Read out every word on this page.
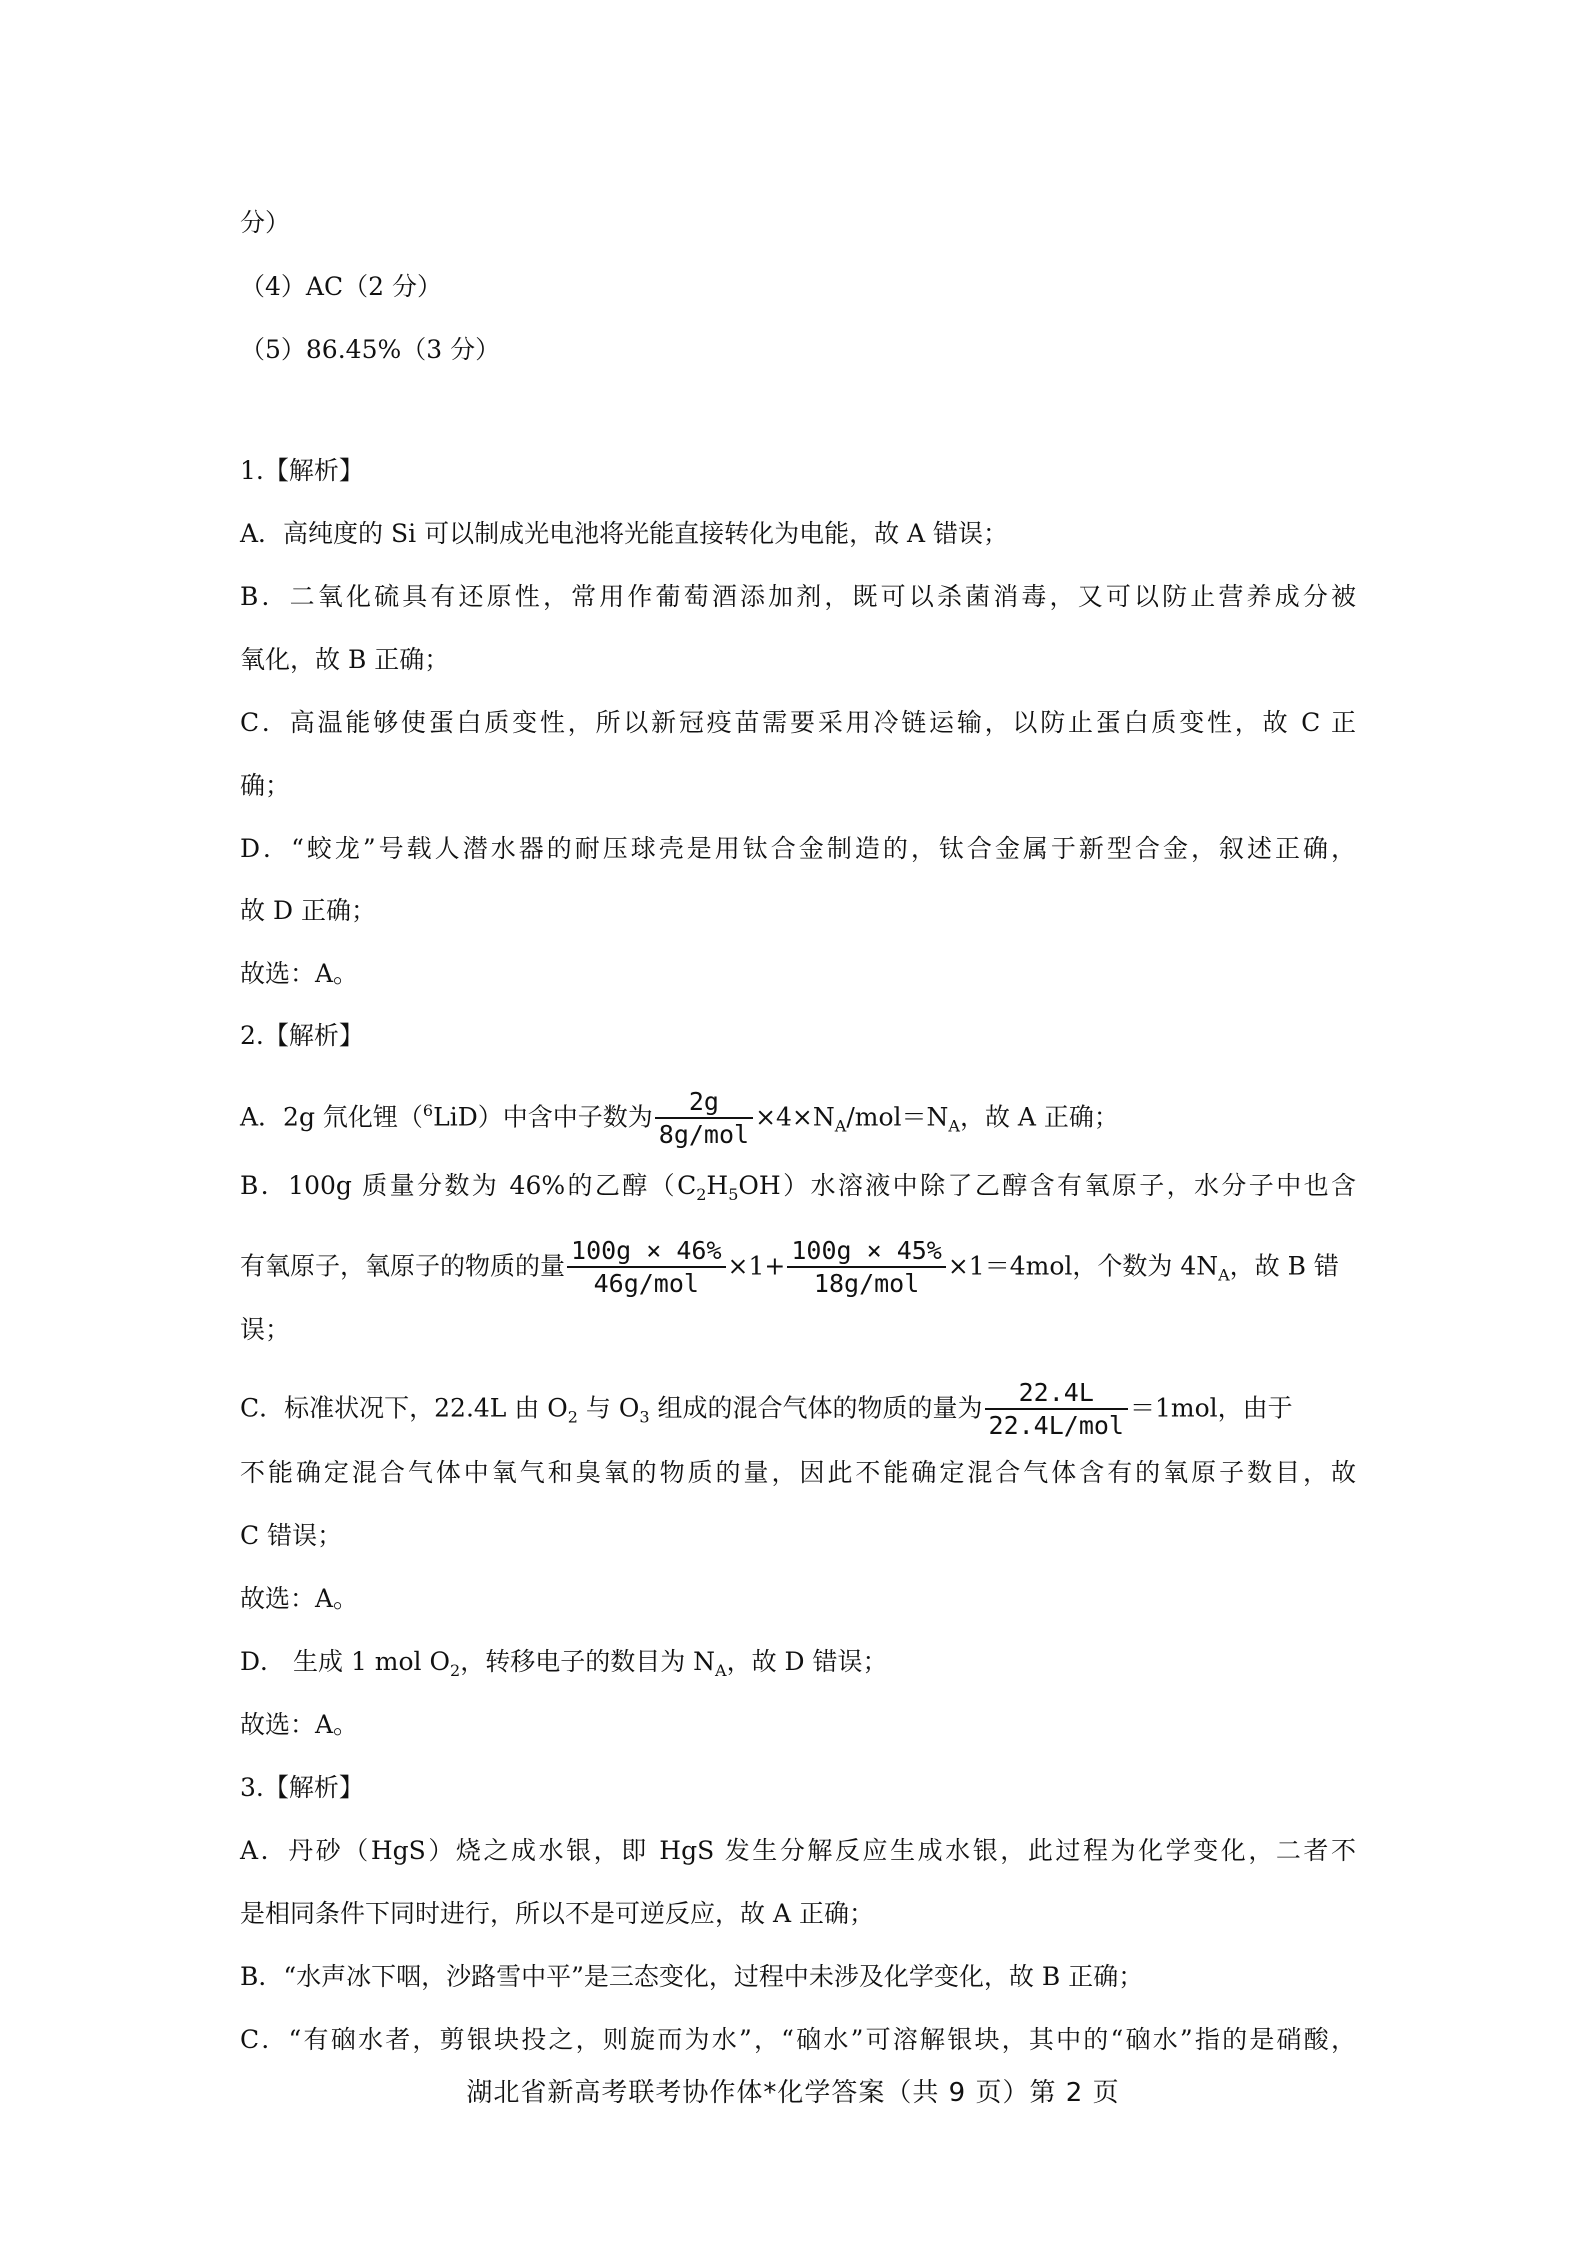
分）
（4）AC（2 分）
（5）86.45%（3 分）
1.【解析】
A．高纯度的 Si 可以制成光电池将光能直接转化为电能，故 A 错误；
B．二氧化硫具有还原性，常用作葡萄酒添加剂，既可以杀菌消毒，又可以防止营养成分被
氧化，故 B 正确；
C．高温能够使蛋白质变性，所以新冠疫苗需要采用冷链运输，以防止蛋白质变性，故 C 正
确；
D．“蛟龙”号载人潜水器的耐压球壳是用钛合金制造的，钛合金属于新型合金，叙述正确，
故 D 正确；
故选：A。
2.【解析】
A．2g 氘化锂（$^6$LiD）中含中子数为 $\frac{2g}{\text{8g/mol}} \times 4\times N_A/mol=N_A$，故 A 正确；
B．100g 质量分数为 46%的乙醇$(C_2H_5OH)$水溶液中除了乙醇含有氧原子，水分子中也含
有氧原子，氧原子的物质的量 $\frac{100g \times 46\%}{\text{46g/mol}} \times 1+ \frac{100g \times 45\%}{\text{18g/mol}} \times 1=4mol$，个数为 $4N_A$，故 B 错
误；
C．标准状况下，22.4L 由 $O_2$ 与 $O_3$ 组成的混合气体的物质的量为 $\frac{22.4L}{\text{22.4L/mol}} =1mol$，由于
不能确定混合气体中氧气和臭氧的物质的量，因此不能确定混合气体含有的氧原子数目，故
C 错误；
故选：A。
D． 生成 1 mol $O_2$，转移电子的数目为 $N_A$，故 D 错误；
故选：A。
3.【解析】
A．丹砂（HgS）烧之成水银，即 HgS 发生分解反应生成水银，此过程为化学变化，二者不
是相同条件下同时进行，所以不是可逆反应，故 A 正确；
B．“水声冰下咽，沙路雪中平”是三态变化，过程中未涉及化学变化，故 B 正确；
C．“有硇水者，剪银块投之，则旋而为水”，“硇水”可溶解银块，其中的“硇水”指的是硝酸，
湖北省新高考联考协作体*化学答案（共 9 页）第 2 页
